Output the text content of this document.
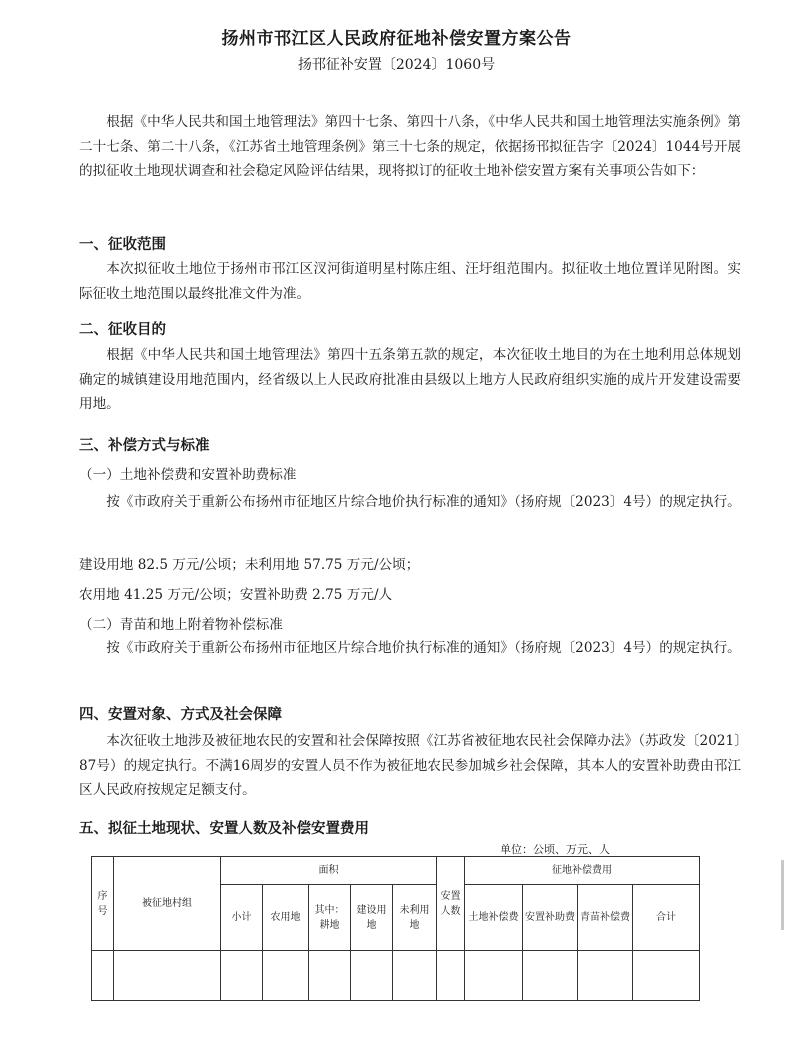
扬州市邗江区人民政府征地补偿安置方案公告
扬邗征补安置〔2024〕1060号
根据《中华人民共和国土地管理法》第四十七条、第四十八条，《中华人民共和国土地管理法实施条例》第二十七条、第二十八条，《江苏省土地管理条例》第三十七条的规定，依据扬邗拟征告字〔2024〕1044号开展的拟征收土地现状调查和社会稳定风险评估结果，现将拟订的征收土地补偿安置方案有关事项公告如下：
一、征收范围
本次拟征收土地位于扬州市邗江区汊河街道明星村陈庄组、汪圩组范围内。拟征收土地位置详见附图。实际征收土地范围以最终批准文件为准。
二、征收目的
根据《中华人民共和国土地管理法》第四十五条第五款的规定，本次征收土地目的为在土地利用总体规划确定的城镇建设用地范围内，经省级以上人民政府批准由县级以上地方人民政府组织实施的成片开发建设需要用地。
三、补偿方式与标准
（一）土地补偿费和安置补助费标准
按《市政府关于重新公布扬州市征地区片综合地价执行标准的通知》（扬府规〔2023〕4号）的规定执行。
建设用地 82.5 万元/公顷；未利用地 57.75 万元/公顷；
农用地 41.25 万元/公顷；安置补助费 2.75 万元/人
（二）青苗和地上附着物补偿标准
按《市政府关于重新公布扬州市征地区片综合地价执行标准的通知》（扬府规〔2023〕4号）的规定执行。
四、安置对象、方式及社会保障
本次征收土地涉及被征地农民的安置和社会保障按照《江苏省被征地农民社会保障办法》（苏政发〔2021〕87号）的规定执行。不满16周岁的安置人员不作为被征地农民参加城乡社会保障，其本人的安置补助费由邗江区人民政府按规定足额支付。
五、拟征土地现状、安置人数及补偿安置费用
单位：公顷、万元、人
序号	被征地村组	面积					安置人数	征地补偿费用			
		小计	农用地	其中：耕地	建设用地	未利用地		土地补偿费	安置补助费	青苗补偿费	合计
